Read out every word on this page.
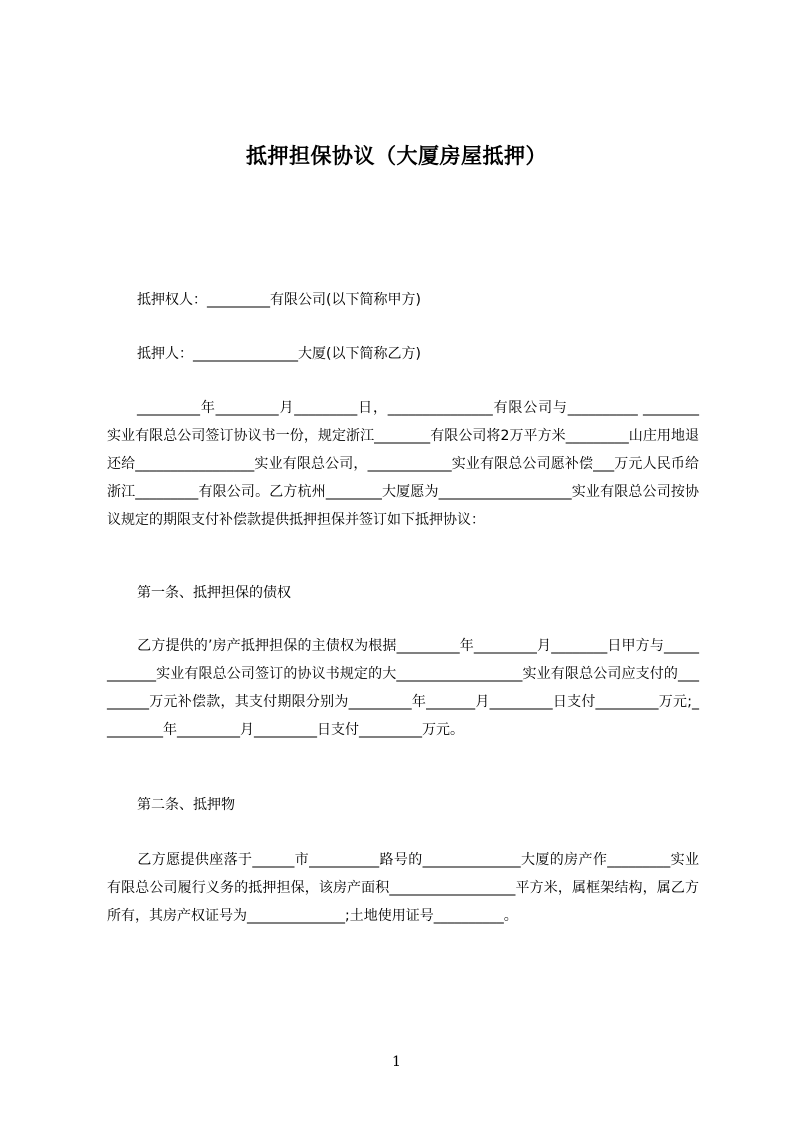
抵押担保协议（大厦房屋抵押）

抵押权人：_________有限公司(以下简称甲方)

抵押人：_______________大厦(以下简称乙方)

_________年_________月_________日，_______________有限公司与__________ ________实业有限总公司签订协议书一份，规定浙江________有限公司将2万平方米_________山庄用地退还给_________________实业有限总公司，____________实业有限总公司愿补偿___万元人民币给浙江_________有限公司。乙方杭州________大厦愿为___________________实业有限总公司按协议规定的期限支付补偿款提供抵押担保并签订如下抵押协议：

第一条、抵押担保的债权

乙方提供的’房产抵押担保的主债权为根据_________年_________月________日甲方与____________实业有限总公司签订的协议书规定的大__________________实业有限总公司应支付的_________万元补偿款，其支付期限分别为_________年_______月_________日支付_________万元;_________年_________月_________日支付_________万元。

第二条、抵押物

乙方愿提供座落于______市__________路号的______________大厦的房产作_________实业有限总公司履行义务的抵押担保，该房产面积__________________平方米，属框架结构，属乙方所有，其房产权证号为______________;土地使用证号__________。

1
